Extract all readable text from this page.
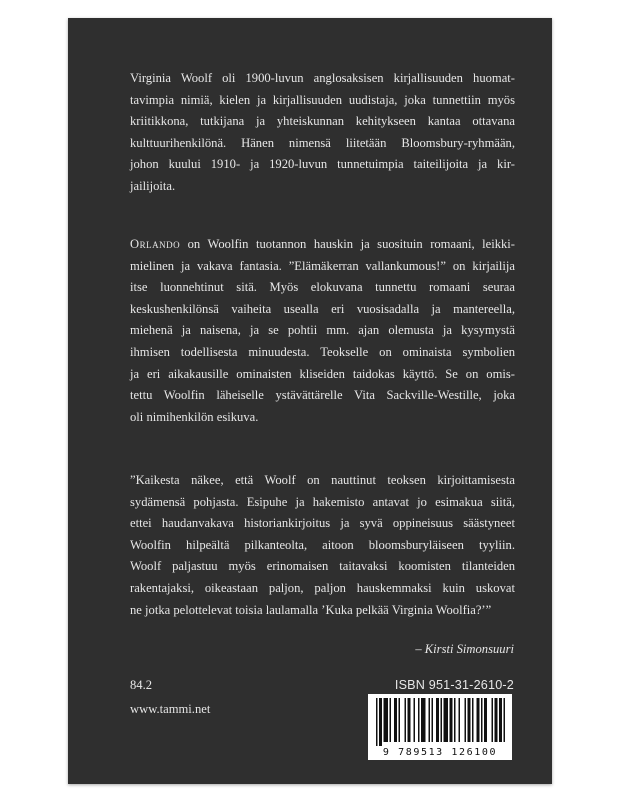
Virginia Woolf oli 1900-luvun anglosaksisen kirjallisuuden huomat-
tavimpia nimiä, kielen ja kirjallisuuden uudistaja, joka tunnettiin myös
kriitikkona, tutkijana ja yhteiskunnan kehitykseen kantaa ottavana
kulttuurihenkilönä. Hänen nimensä liitetään Bloomsbury-ryhmään,
johon kuului 1910- ja 1920-luvun tunnetuimpia taiteilijoita ja kir-
jailijoita.

Orlando on Woolfin tuotannon hauskin ja suosituin romaani, leikki-
mielinen ja vakava fantasia. ”Elämäkerran vallankumous!” on kirjailija
itse luonnehtinut sitä. Myös elokuvana tunnettu romaani seuraa
keskushenkilönsä vaiheita usealla eri vuosisadalla ja mantereella,
miehenä ja naisena, ja se pohtii mm. ajan olemusta ja kysymystä
ihmisen todellisesta minuudesta. Teokselle on ominaista symbolien
ja eri aikakausille ominaisten kliseiden taidokas käyttö. Se on omis-
tettu Woolfin läheiselle ystävättärelle Vita Sackville-Westille, joka
oli nimihenkilön esikuva.

”Kaikesta näkee, että Woolf on nauttinut teoksen kirjoittamisesta
sydämensä pohjasta. Esipuhe ja hakemisto antavat jo esimakua siitä,
ettei haudanvakava historiankirjoitus ja syvä oppineisuus säästyneet
Woolfin hilpeältä pilkanteolta, aitoon bloomsburyläiseen tyyliin.
Woolf paljastuu myös erinomaisen taitavaksi koomisten tilanteiden
rakentajaksi, oikeastaan paljon, paljon hauskemmaksi kuin uskovat
ne jotka pelottelevat toisia laulamalla ’Kuka pelkää Virginia Woolfia?’”

– Kirsti Simonsuuri
84.2
www.tammi.net
ISBN 951-31-2610-2
9 789513 126100
